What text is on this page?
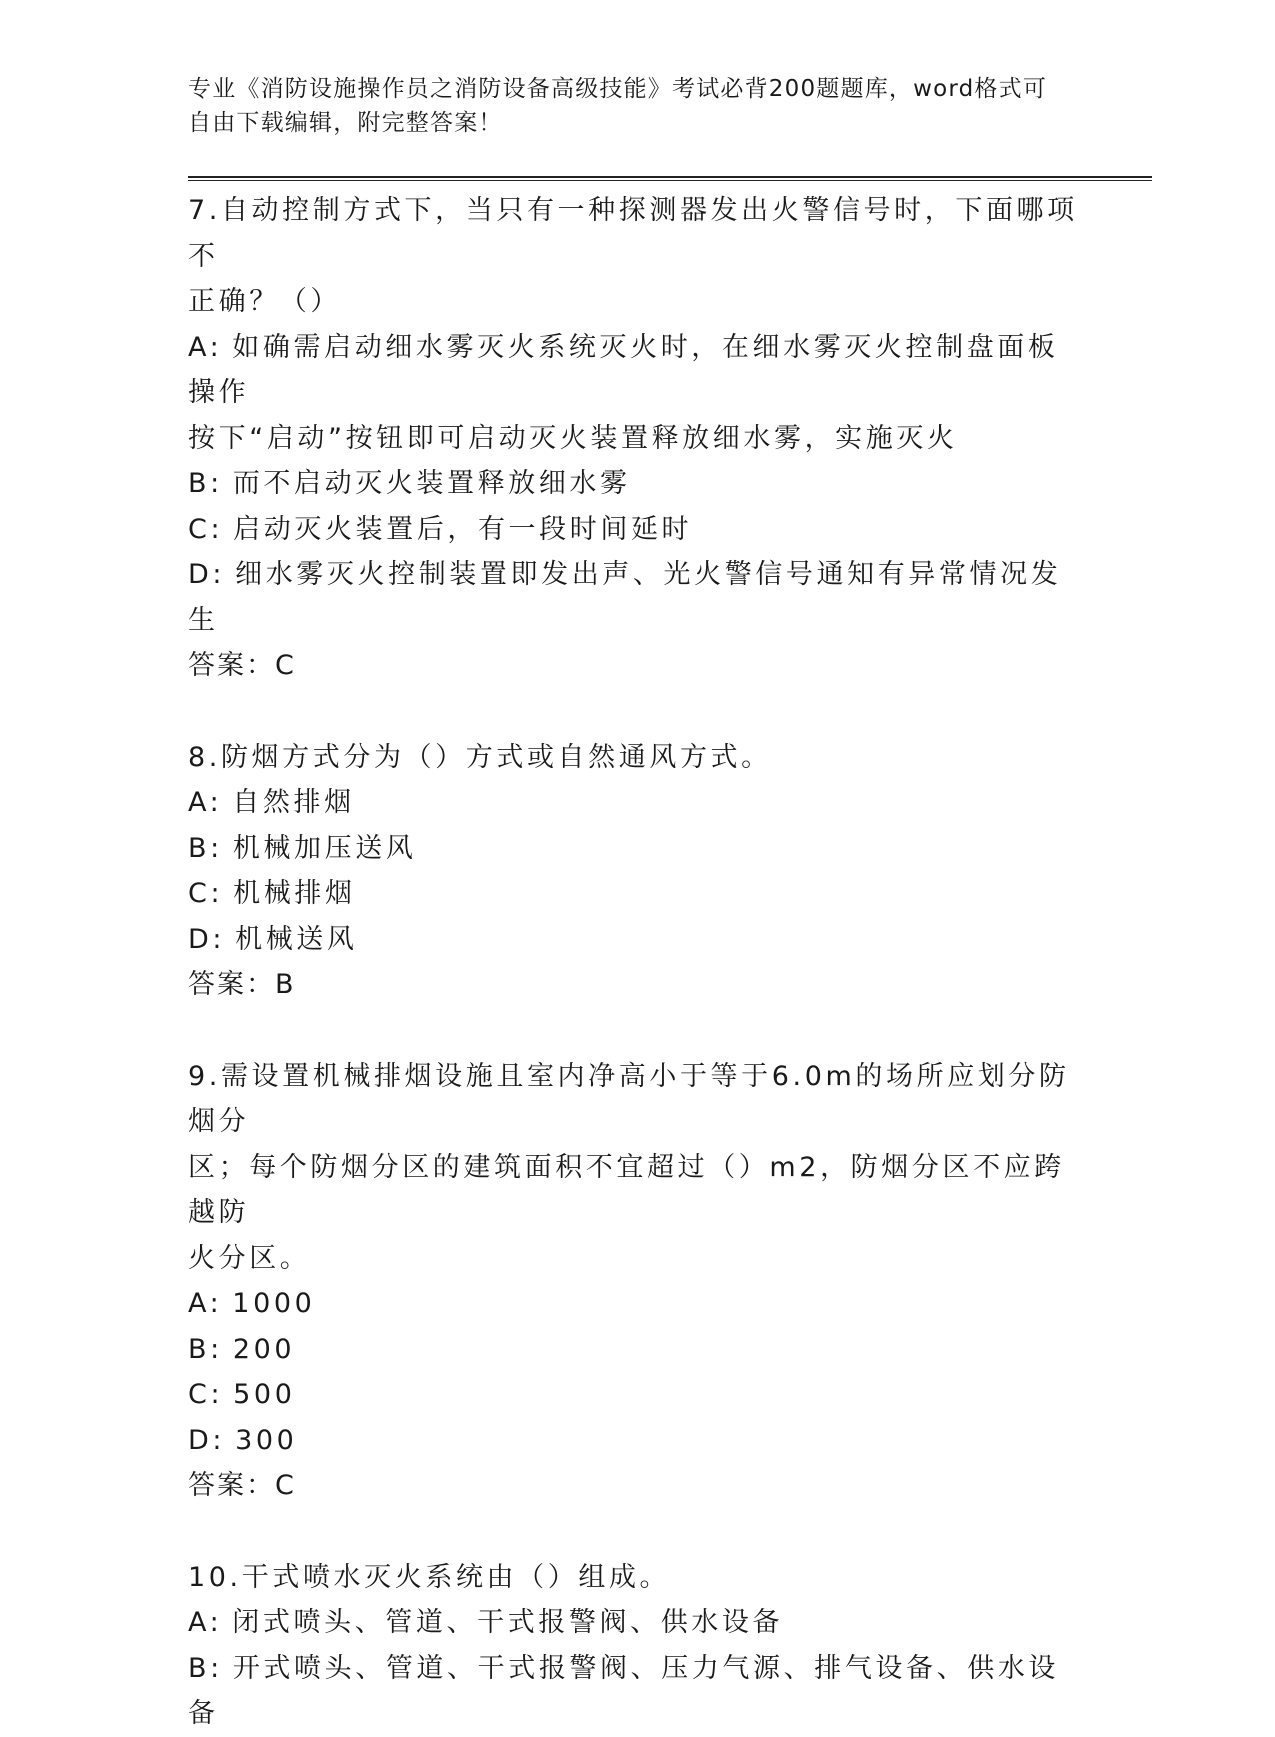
专业《消防设施操作员之消防设备高级技能》考试必背200题题库，word格式可
自由下载编辑，附完整答案！
7.自动控制方式下，当只有一种探测器发出火警信号时，下面哪项不
正确？（）
A: 如确需启动细水雾灭火系统灭火时，在细水雾灭火控制盘面板操作
按下“启动”按钮即可启动灭火装置释放细水雾，实施灭火
B: 而不启动灭火装置释放细水雾
C: 启动灭火装置后，有一段时间延时
D: 细水雾灭火控制装置即发出声、光火警信号通知有异常情况发生
答案：C
8.防烟方式分为（）方式或自然通风方式。
A: 自然排烟
B: 机械加压送风
C: 机械排烟
D: 机械送风
答案：B
9.需设置机械排烟设施且室内净高小于等于6.0m的场所应划分防烟分
区；每个防烟分区的建筑面积不宜超过（）m2，防烟分区不应跨越防
火分区。
A: 1000
B: 200
C: 500
D: 300
答案：C
10.干式喷水灭火系统由（）组成。
A: 闭式喷头、管道、干式报警阀、供水设备
B: 开式喷头、管道、干式报警阀、压力气源、排气设备、供水设备
